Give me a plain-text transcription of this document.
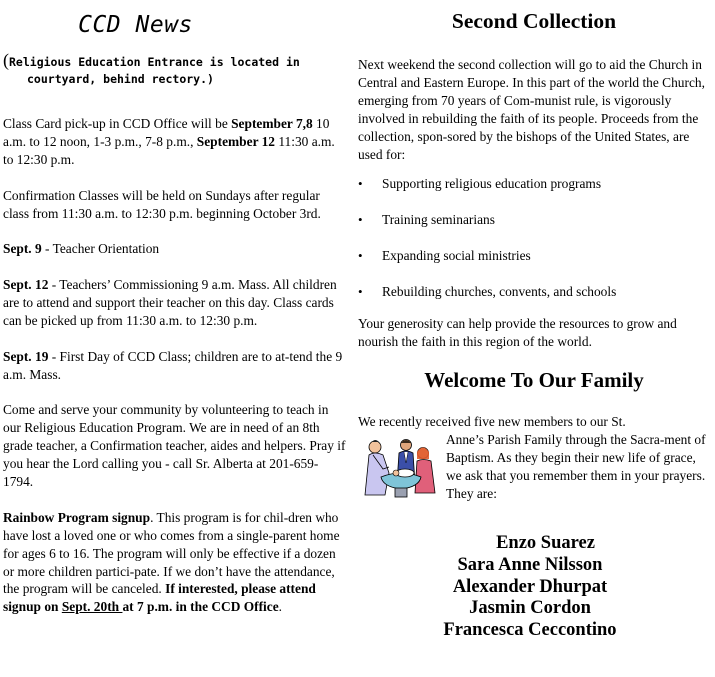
CCD News

(Religious Education Entrance is located in courtyard, behind rectory.)

Class Card pick-up in CCD Office will be September 7,8 10 a.m. to 12 noon, 1-3 p.m., 7-8 p.m., September 12 11:30 a.m. to 12:30 p.m.

Confirmation Classes will be held on Sundays after regular class from 11:30 a.m. to 12:30 p.m. beginning October 3rd.

Sept. 9 - Teacher Orientation

Sept. 12 - Teachers’ Commissioning 9 a.m. Mass. All children are to attend and support their teacher on this day. Class cards can be picked up from 11:30 a.m. to 12:30 p.m.

Sept. 19 - First Day of CCD Class; children are to at-tend the 9 a.m. Mass.

Come and serve your community by volunteering to teach in our Religious Education Program. We are in need of an 8th grade teacher, a Confirmation teacher, aides and helpers. Pray if you hear the Lord calling you - call Sr. Alberta at 201-659-1794.

Rainbow Program signup. This program is for chil-dren who have lost a loved one or who comes from a single-parent home for ages 6 to 16. The program will only be effective if a dozen or more children partici-pate. If we don’t have the attendance, the program will be canceled. If interested, please attend signup on Sept. 20th at 7 p.m. in the CCD Office.

Second Collection

Next weekend the second collection will go to aid the Church in Central and Eastern Europe. In this part of the world the Church, emerging from 70 years of Com-munist rule, is vigorously involved in rebuilding the faith of its people. Proceeds from the collection, spon-sored by the bishops of the United States, are used for:

• Supporting religious education programs
• Training seminarians
• Expanding social ministries
• Rebuilding churches, convents, and schools

Your generosity can help provide the resources to grow and nourish the faith in this region of the world.

Welcome To Our Family

We recently received five new members to our St.

Anne’s Parish Family through the Sacra-ment of Baptism. As they begin their new life of grace, we ask that you remember them in your prayers. They are:

Enzo Suarez
Sara Anne Nilsson
Alexander Dhurpat
Jasmin Cordon
Francesca Ceccontino
